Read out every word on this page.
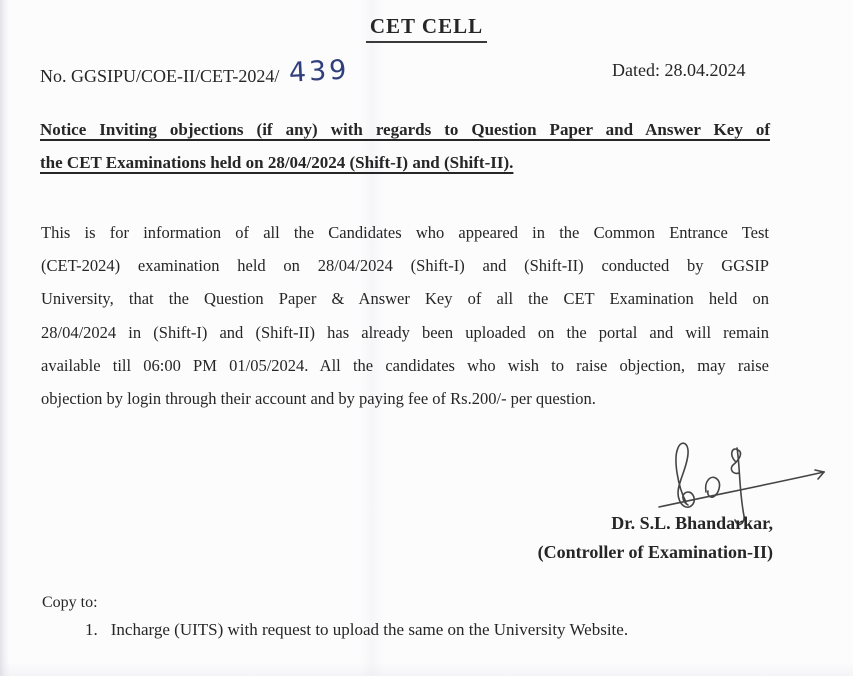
CET CELL
No. GGSIPU/COE-II/CET-2024/ 439	Dated: 28.04.2024
Notice Inviting objections (if any) with regards to Question Paper and Answer Key of
the CET Examinations held on 28/04/2024 (Shift-I) and (Shift-II).
This is for information of all the Candidates who appeared in the Common Entrance Test
(CET-2024) examination held on 28/04/2024 (Shift-I) and (Shift-II) conducted by GGSIP
University, that the Question Paper & Answer Key of all the CET Examination held on
28/04/2024 in (Shift-I) and (Shift-II) has already been uploaded on the portal and will remain
available till 06:00 PM 01/05/2024. All the candidates who wish to raise objection, may raise
objection by login through their account and by paying fee of Rs.200/- per question.
Dr. S.L. Bhandarkar,
(Controller of Examination-II)
Copy to:
1. Incharge (UITS) with request to upload the same on the University Website.
